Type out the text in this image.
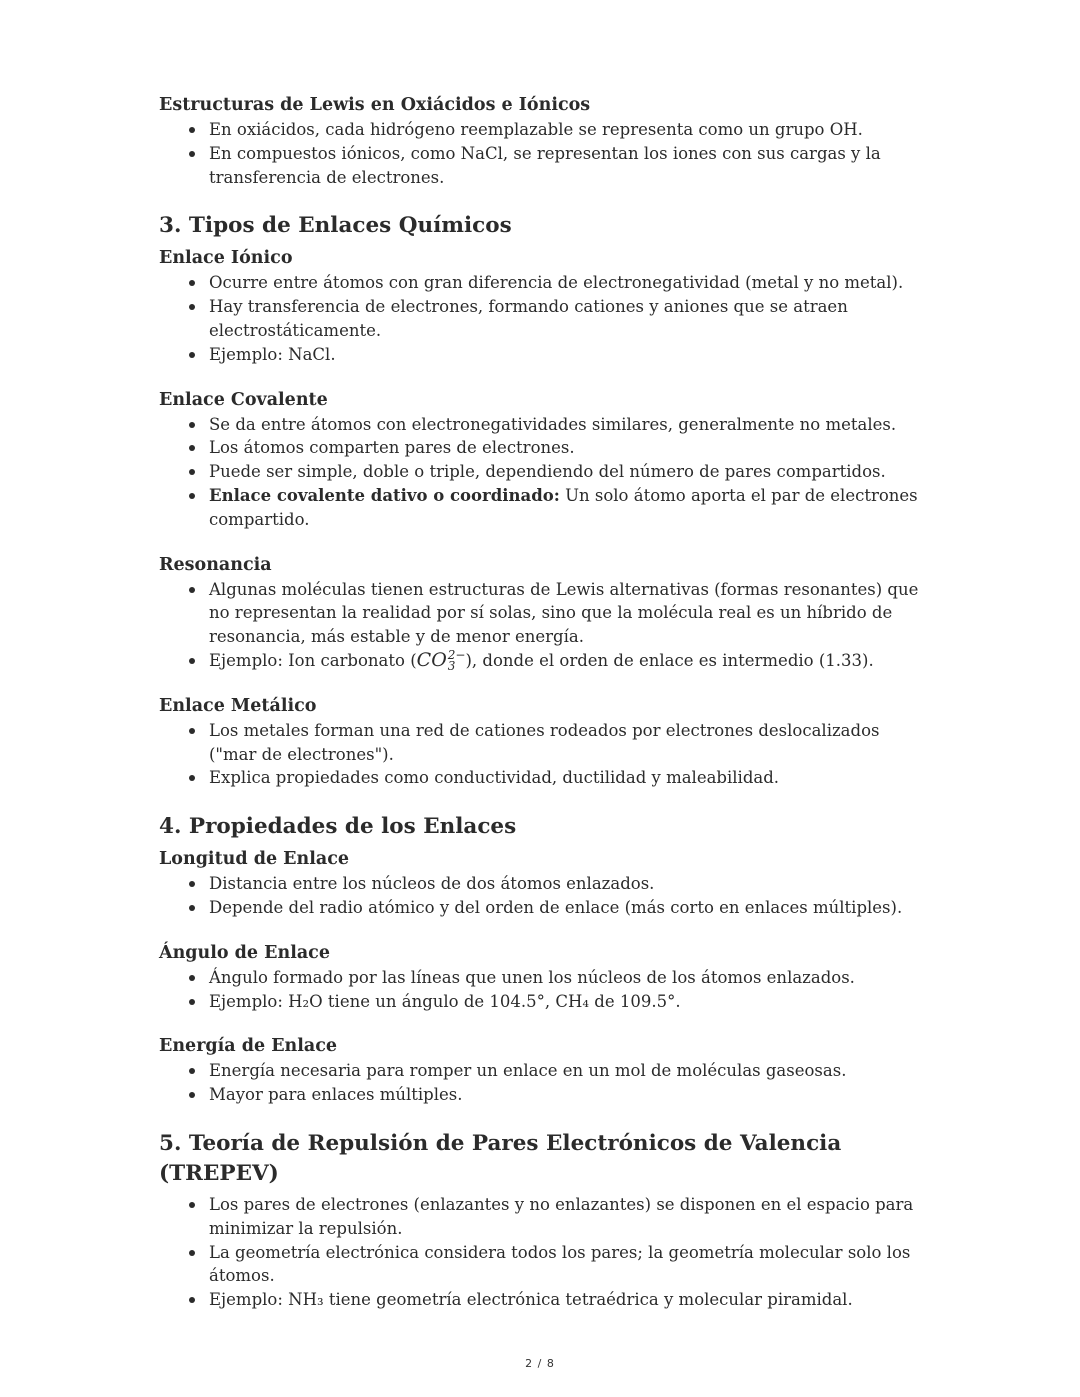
Estructuras de Lewis en Oxiácidos e Iónicos
En oxiácidos, cada hidrógeno reemplazable se representa como un grupo OH.
En compuestos iónicos, como NaCl, se representan los iones con sus cargas y la transferencia de electrones.
3. Tipos de Enlaces Químicos
Enlace Iónico
Ocurre entre átomos con gran diferencia de electronegatividad (metal y no metal).
Hay transferencia de electrones, formando cationes y aniones que se atraen electrostáticamente.
Ejemplo: NaCl.
Enlace Covalente
Se da entre átomos con electronegatividades similares, generalmente no metales.
Los átomos comparten pares de electrones.
Puede ser simple, doble o triple, dependiendo del número de pares compartidos.
Enlace covalente dativo o coordinado: Un solo átomo aporta el par de electrones compartido.
Resonancia
Algunas moléculas tienen estructuras de Lewis alternativas (formas resonantes) que no representan la realidad por sí solas, sino que la molécula real es un híbrido de resonancia, más estable y de menor energía.
Ejemplo: Ion carbonato (CO 2−
3 ), donde el orden de enlace es intermedio (1.33).
Enlace Metálico
Los metales forman una red de cationes rodeados por electrones deslocalizados ("mar de electrones").
Explica propiedades como conductividad, ductilidad y maleabilidad.
4. Propiedades de los Enlaces
Longitud de Enlace
Distancia entre los núcleos de dos átomos enlazados.
Depende del radio atómico y del orden de enlace (más corto en enlaces múltiples).
Ángulo de Enlace
Ángulo formado por las líneas que unen los núcleos de los átomos enlazados.
Ejemplo: H₂O tiene un ángulo de 104.5°, CH₄ de 109.5°.
Energía de Enlace
Energía necesaria para romper un enlace en un mol de moléculas gaseosas.
Mayor para enlaces múltiples.
5. Teoría de Repulsión de Pares Electrónicos de Valencia (TREPEV)
Los pares de electrones (enlazantes y no enlazantes) se disponen en el espacio para minimizar la repulsión.
La geometría electrónica considera todos los pares; la geometría molecular solo los átomos.
Ejemplo: NH₃ tiene geometría electrónica tetraédrica y molecular piramidal.
2 / 8
